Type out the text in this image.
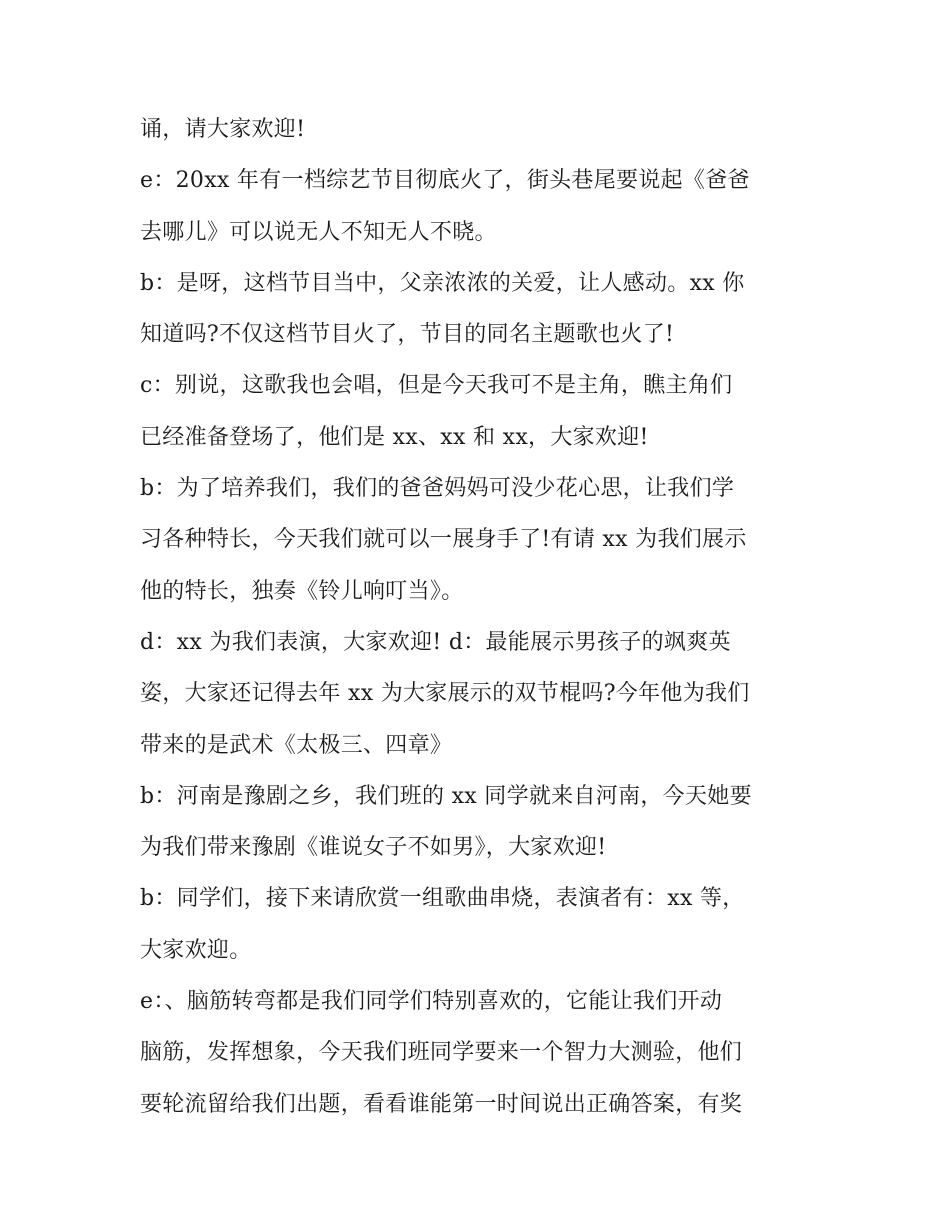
诵，请大家欢迎!
e：20xx 年有一档综艺节目彻底火了，街头巷尾要说起《爸爸
去哪儿》可以说无人不知无人不晓。
b：是呀，这档节目当中，父亲浓浓的关爱，让人感动。xx 你
知道吗?不仅这档节目火了，节目的同名主题歌也火了!
c：别说，这歌我也会唱，但是今天我可不是主角，瞧主角们
已经准备登场了，他们是 xx、xx 和 xx，大家欢迎!
b：为了培养我们，我们的爸爸妈妈可没少花心思，让我们学
习各种特长，今天我们就可以一展身手了!有请 xx 为我们展示
他的特长，独奏《铃儿响叮当》。
d：xx 为我们表演，大家欢迎! d：最能展示男孩子的飒爽英
姿，大家还记得去年 xx 为大家展示的双节棍吗?今年他为我们
带来的是武术《太极三、四章》
b：河南是豫剧之乡，我们班的 xx 同学就来自河南，今天她要
为我们带来豫剧《谁说女子不如男》，大家欢迎!
b：同学们，接下来请欣赏一组歌曲串烧，表演者有：xx 等，
大家欢迎。
e：、脑筋转弯都是我们同学们特别喜欢的，它能让我们开动
脑筋，发挥想象，今天我们班同学要来一个智力大测验，他们
要轮流留给我们出题，看看谁能第一时间说出正确答案，有奖
